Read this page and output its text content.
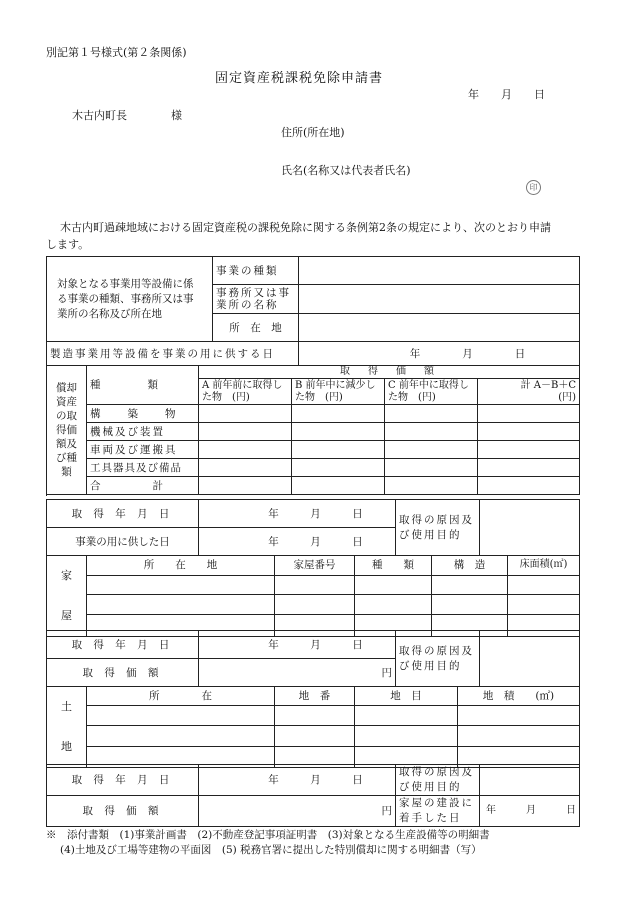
別記第１号様式(第２条関係)
固定資産税課税免除申請書
年　　月　　日
木古内町長　　　　様
住所(所在地)
氏名(名称又は代表者氏名)
印
木古内町過疎地域における固定資産税の課税免除に関する条例第2条の規定により、次のとおり申請
します。
対象となる事業用等設備に係る事業の種類、事務所又は事業所の名称及び所在地	事業の種類	
	事務所又は事業所の名称	
	所　在　地	
製造事業用等設備を事業の用に供する日	年　　　　月　　　　日
償却資産の取得価額及び種類	種　　　　類	取　得　価　額			
		A 前年前に取得した物　(円)	B 前年中に減少した物　(円)	C 前年中に取得した物　(円)	計 A－B＋C　　　　(円)
	構　　築　　物				
	機械及び装置				
	車両及び運搬具				
	工具器具及び備品				
	合　　　　計				

取 得 年 月 日	年　　　月　　　日	取得の原因及び使用目的	
事業の用に供した日	年　　　月　　　日		
家屋	所　　在　　地	家屋番号	種　　類	構　造	床面積(㎡)

取 得 年 月 日	年　　　月　　　日	取得の原因及び使用目的	
取 得 価 額	円		
土地	所　　　　在	地　番	地　目	地　積　　(㎡)

取 得 年 月 日	年　　　月　　　日	取得の原因及び使用目的	
取 得 価 額	円	家屋の建設に着手した日	年　　　月　　　日
※　添付書類　(1)事業計画書　(2)不動産登記事項証明書　(3)対象となる生産設備等の明細書
(4)土地及び工場等建物の平面図　(5) 税務官署に提出した特別償却に関する明細書（写）
